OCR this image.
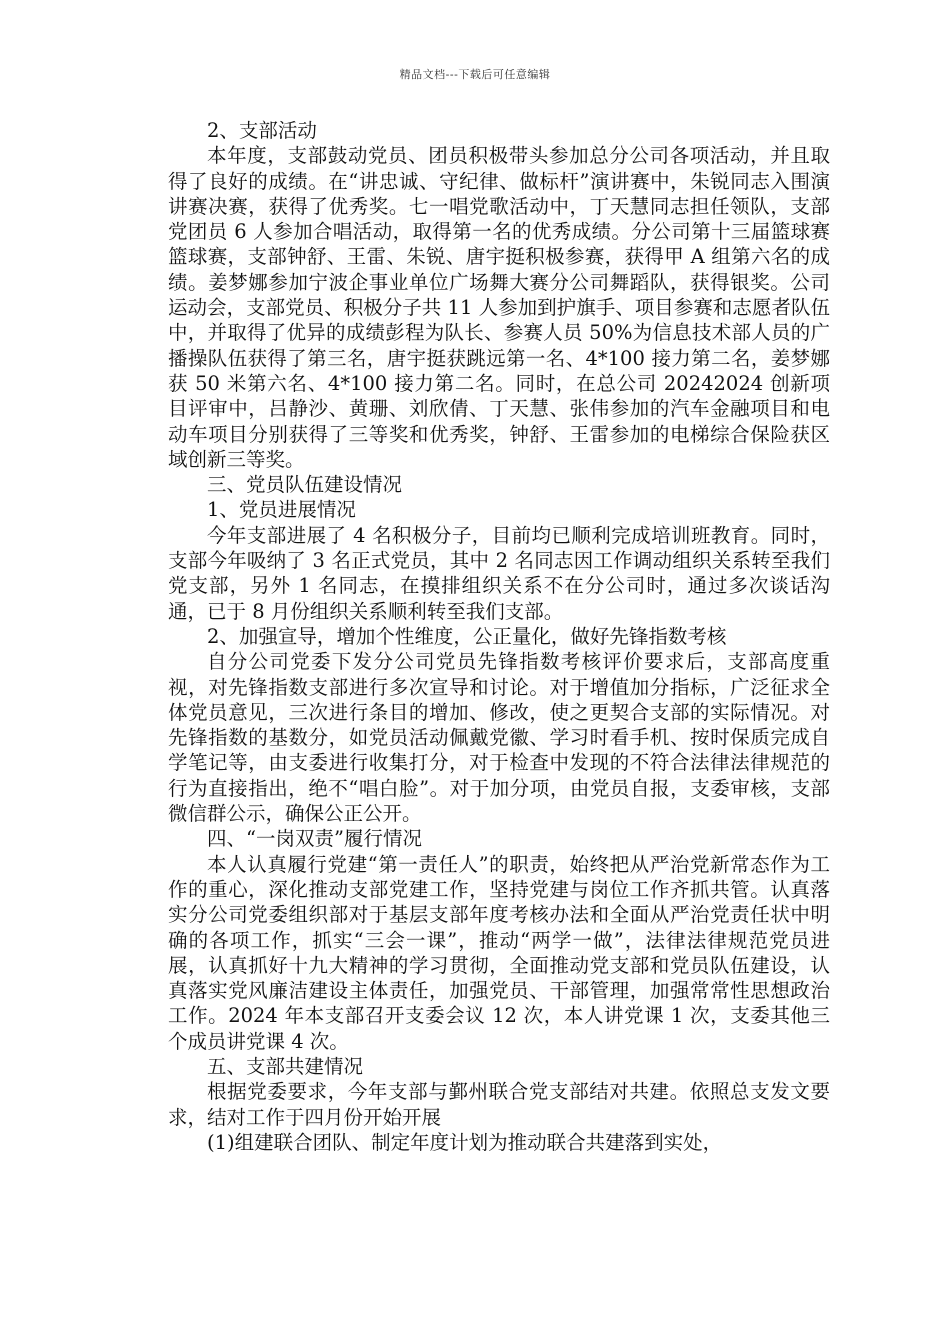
精品文档---下载后可任意编辑

2、支部活动

本年度，支部鼓动党员、团员积极带头参加总分公司各项活动，并且取得了良好的成绩。在“讲忠诚、守纪律、做标杆”演讲赛中，朱锐同志入围演讲赛决赛，获得了优秀奖。七一唱党歌活动中，丁天慧同志担任领队，支部党团员 6 人参加合唱活动，取得第一名的优秀成绩。分公司第十三届篮球赛篮球赛，支部钟舒、王雷、朱锐、唐宇挺积极参赛，获得甲 A 组第六名的成绩。姜梦娜参加宁波企事业单位广场舞大赛分公司舞蹈队，获得银奖。公司运动会，支部党员、积极分子共 11 人参加到护旗手、项目参赛和志愿者队伍中，并取得了优异的成绩彭程为队长、参赛人员 50%为信息技术部人员的广播操队伍获得了第三名，唐宇挺获跳远第一名、4*100 接力第二名，姜梦娜获 50 米第六名、4*100 接力第二名。同时，在总公司 20242024 创新项目评审中，吕静沙、黄珊、刘欣倩、丁天慧、张伟参加的汽车金融项目和电动车项目分别获得了三等奖和优秀奖，钟舒、王雷参加的电梯综合保险获区域创新三等奖。

三、党员队伍建设情况

1、党员进展情况

今年支部进展了 4 名积极分子，目前均已顺利完成培训班教育。同时，支部今年吸纳了 3 名正式党员，其中 2 名同志因工作调动组织关系转至我们党支部，另外 1 名同志，在摸排组织关系不在分公司时，通过多次谈话沟通，已于 8 月份组织关系顺利转至我们支部。

2、加强宣导，增加个性维度，公正量化，做好先锋指数考核

自分公司党委下发分公司党员先锋指数考核评价要求后，支部高度重视，对先锋指数支部进行多次宣导和讨论。对于增值加分指标，广泛征求全体党员意见，三次进行条目的增加、修改，使之更契合支部的实际情况。对先锋指数的基数分，如党员活动佩戴党徽、学习时看手机、按时保质完成自学笔记等，由支委进行收集打分，对于检查中发现的不符合法律法律规范的行为直接指出，绝不“唱白脸”。对于加分项，由党员自报，支委审核，支部微信群公示，确保公正公开。

四、“一岗双责”履行情况

本人认真履行党建“第一责任人”的职责，始终把从严治党新常态作为工作的重心，深化推动支部党建工作，坚持党建与岗位工作齐抓共管。认真落实分公司党委组织部对于基层支部年度考核办法和全面从严治党责任状中明确的各项工作，抓实“三会一课”，推动“两学一做”，法律法律规范党员进展，认真抓好十九大精神的学习贯彻，全面推动党支部和党员队伍建设，认真落实党风廉洁建设主体责任，加强党员、干部管理，加强常常性思想政治工作。2024 年本支部召开支委会议 12 次，本人讲党课 1 次，支委其他三个成员讲党课 4 次。

五、支部共建情况

根据党委要求，今年支部与鄞州联合党支部结对共建。依照总支发文要求，结对工作于四月份开始开展

(1)组建联合团队、制定年度计划为推动联合共建落到实处，
